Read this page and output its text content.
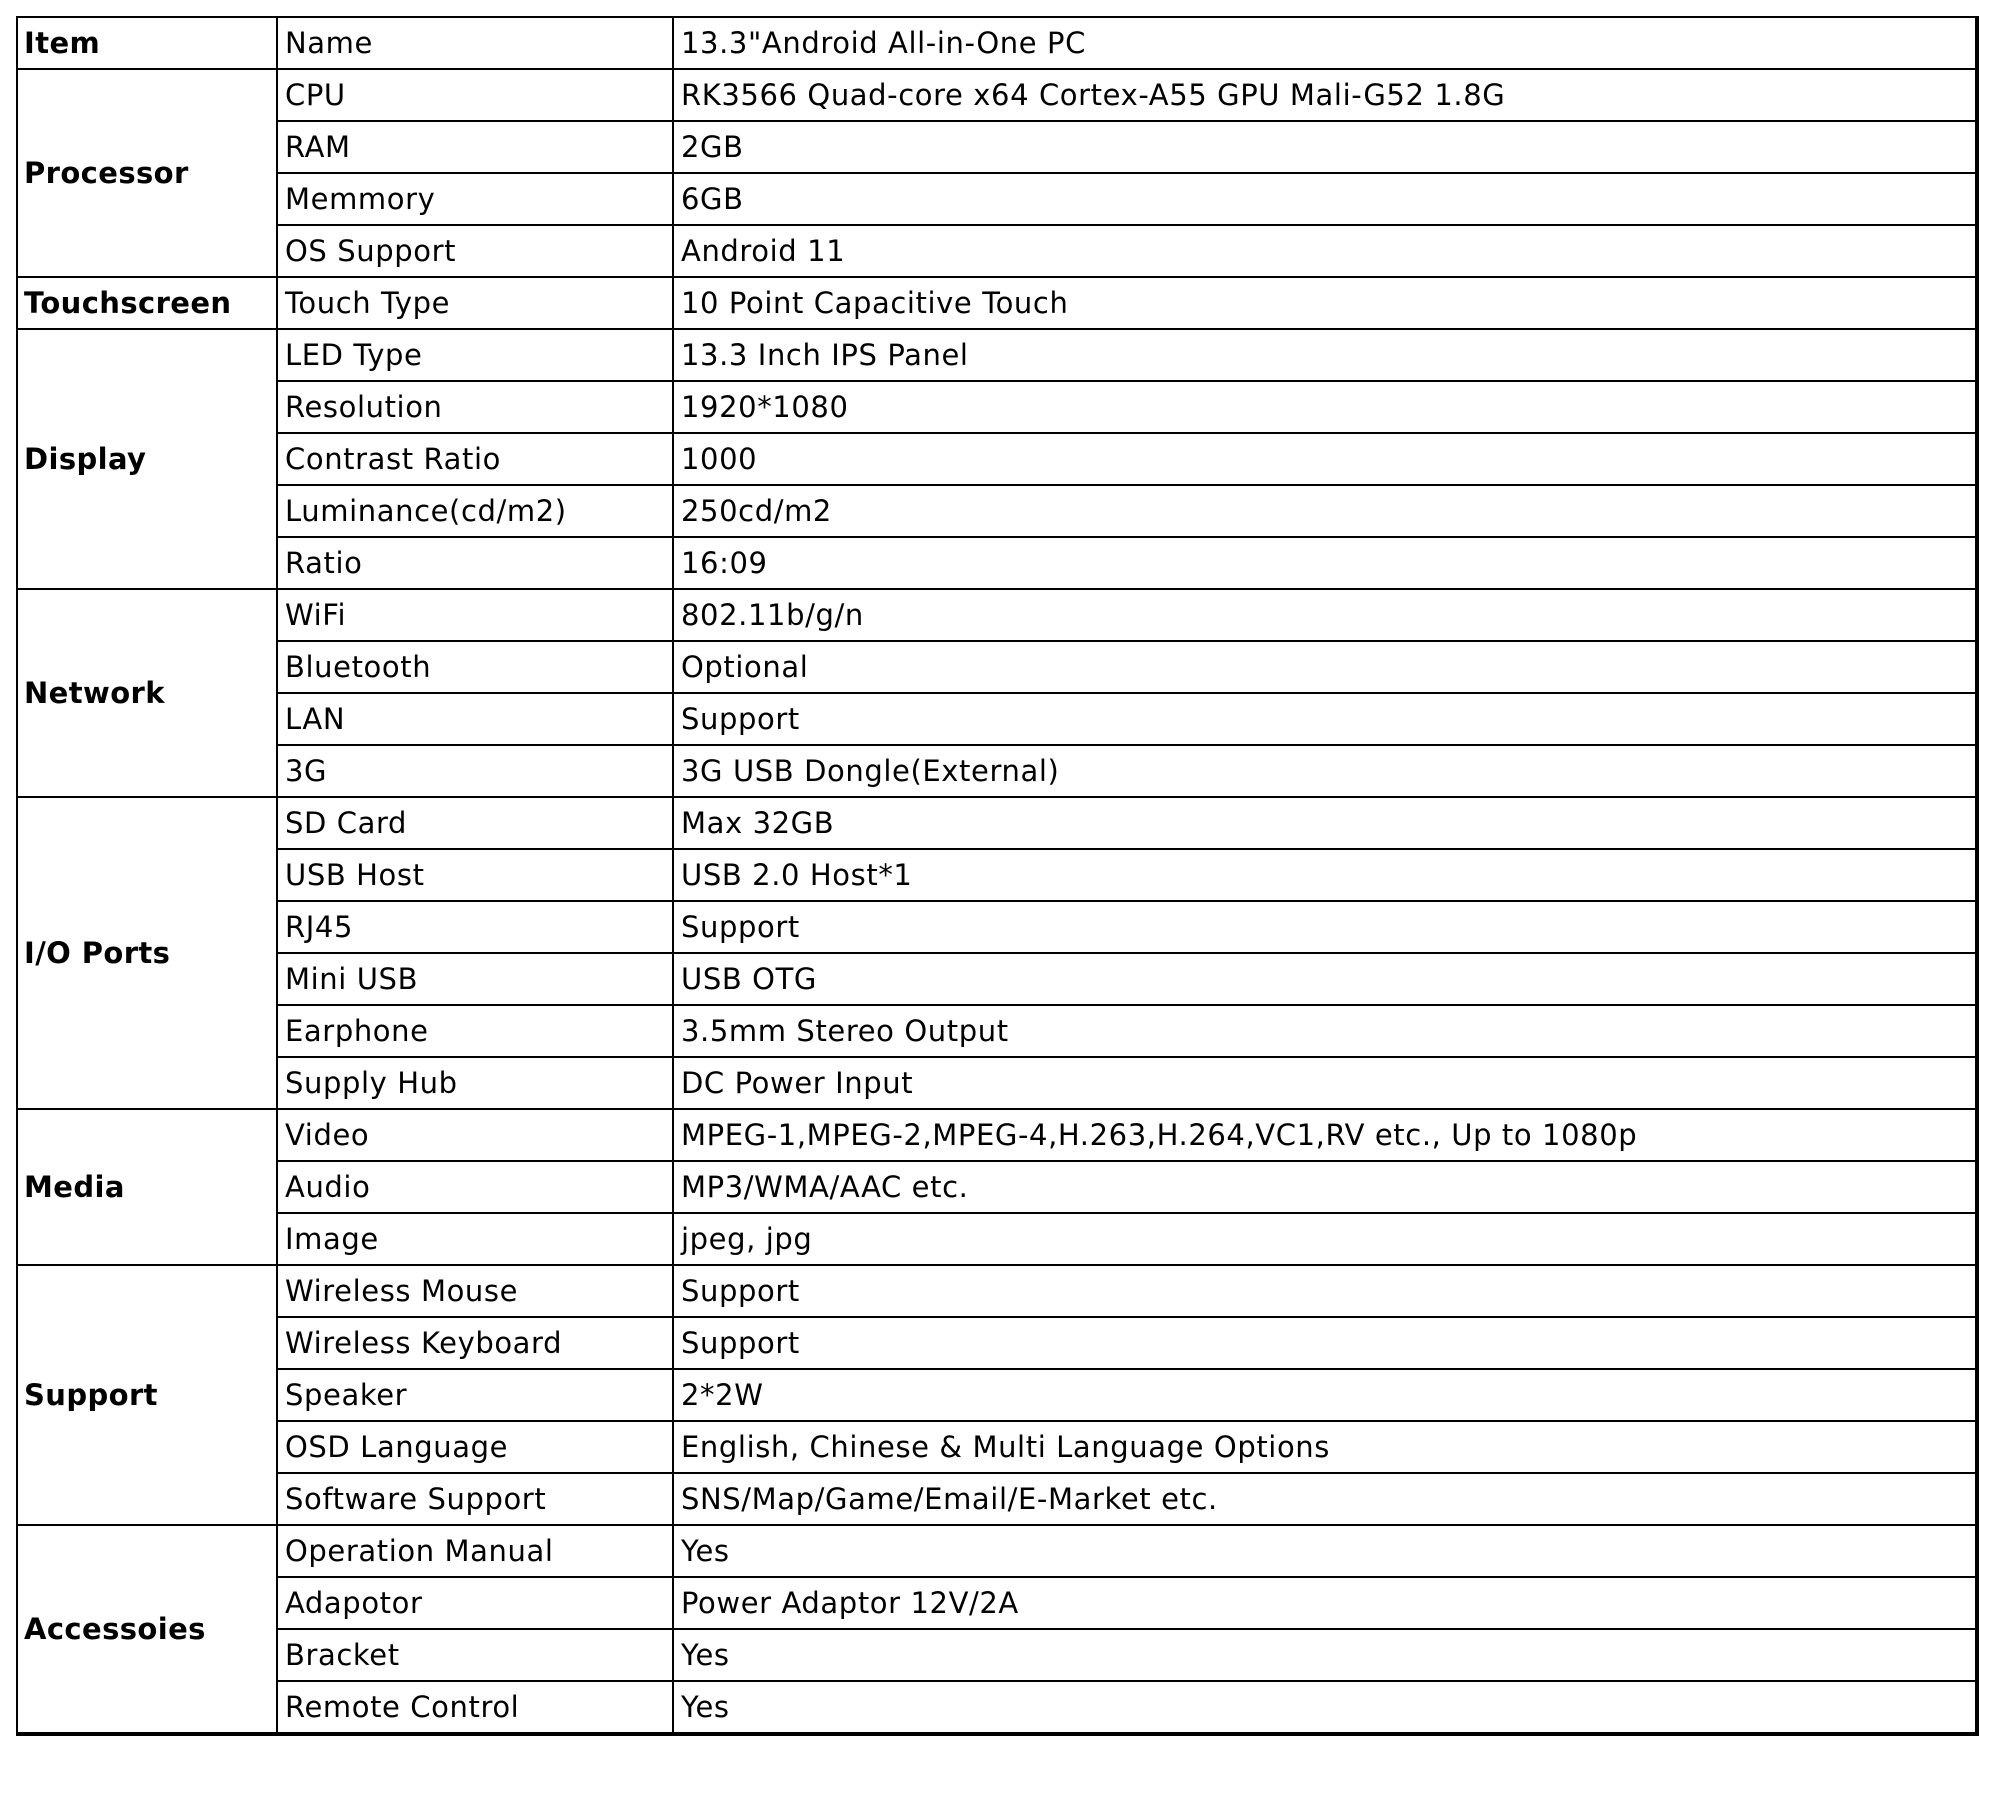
Item	Name	13.3"Android All-in-One PC
Processor	CPU	RK3566 Quad-core x64 Cortex-A55 GPU Mali-G52 1.8G
	RAM	2GB
	Memmory	6GB
	OS Support	Android 11
Touchscreen	Touch Type	10 Point Capacitive Touch
Display	LED Type	13.3 Inch IPS Panel
	Resolution	1920*1080
	Contrast Ratio	1000
	Luminance(cd/m2)	250cd/m2
	Ratio	16:09
Network	WiFi	802.11b/g/n
	Bluetooth	Optional
	LAN	Support
	3G	3G USB Dongle(External)
I/O Ports	SD Card	Max 32GB
	USB Host	USB 2.0 Host*1
	RJ45	Support
	Mini USB	USB OTG
	Earphone	3.5mm Stereo Output
	Supply Hub	DC Power Input
Media	Video	MPEG-1,MPEG-2,MPEG-4,H.263,H.264,VC1,RV etc., Up to 1080p
	Audio	MP3/WMA/AAC etc.
	Image	jpeg, jpg
Support	Wireless Mouse	Support
	Wireless Keyboard	Support
	Speaker	2*2W
	OSD Language	English, Chinese & Multi Language Options
	Software Support	SNS/Map/Game/Email/E-Market etc.
Accessoies	Operation Manual	Yes
	Adapotor	Power Adaptor 12V/2A
	Bracket	Yes
	Remote Control	Yes
